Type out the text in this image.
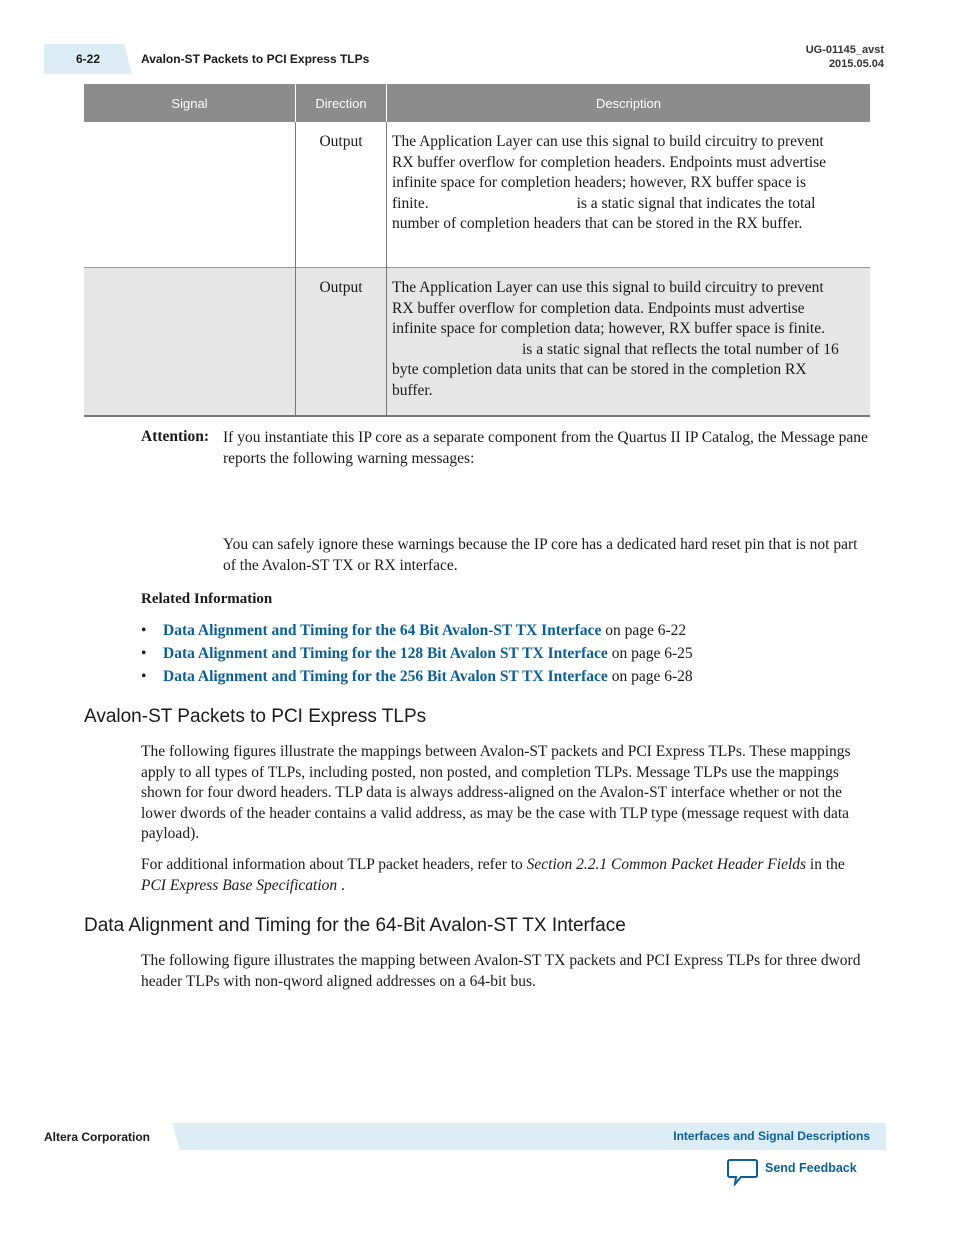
6-22	Avalon-ST Packets to PCI Express TLPs
UG-01145_avst
2015.05.04
Signal	Direction	Description
	Output	The Application Layer can use this signal to build circuitry to prevent RX buffer overflow for completion headers. Endpoints must advertise infinite space for completion headers; however, RX buffer space is finite. is a static signal that indicates the total number of completion headers that can be stored in the RX buffer.
	Output	The Application Layer can use this signal to build circuitry to prevent RX buffer overflow for completion data. Endpoints must advertise infinite space for completion data; however, RX buffer space is finite.is a static signal that reflects the total number of 16 byte completion data units that can be stored in the completion RX buffer.
Attention: If you instantiate this IP core as a separate component from the Quartus II IP Catalog, the Message pane reports the following warning messages:
You can safely ignore these warnings because the IP core has a dedicated hard reset pin that is not part of the Avalon-ST TX or RX interface.
Related Information
• Data Alignment and Timing for the 64 Bit Avalon-ST TX Interface on page 6-22
• Data Alignment and Timing for the 128 Bit Avalon ST TX Interface on page 6-25
• Data Alignment and Timing for the 256 Bit Avalon ST TX Interface on page 6-28
Avalon-ST Packets to PCI Express TLPs

The following figures illustrate the mappings between Avalon-ST packets and PCI Express TLPs. These mappings apply to all types of TLPs, including posted, non posted, and completion TLPs. Message TLPs use the mappings shown for four dword headers. TLP data is always address-aligned on the Avalon-ST interface whether or not the lower dwords of the header contains a valid address, as may be the case with TLP type (message request with data payload).

For additional information about TLP packet headers, refer to Section 2.2.1 Common Packet Header Fields in the PCI Express Base Specification .

Data Alignment and Timing for the 64-Bit Avalon-ST TX Interface

The following figure illustrates the mapping between Avalon-ST TX packets and PCI Express TLPs for three dword header TLPs with non-qword aligned addresses on a 64-bit bus.

Altera Corporation	Interfaces and Signal Descriptions
Send Feedback
